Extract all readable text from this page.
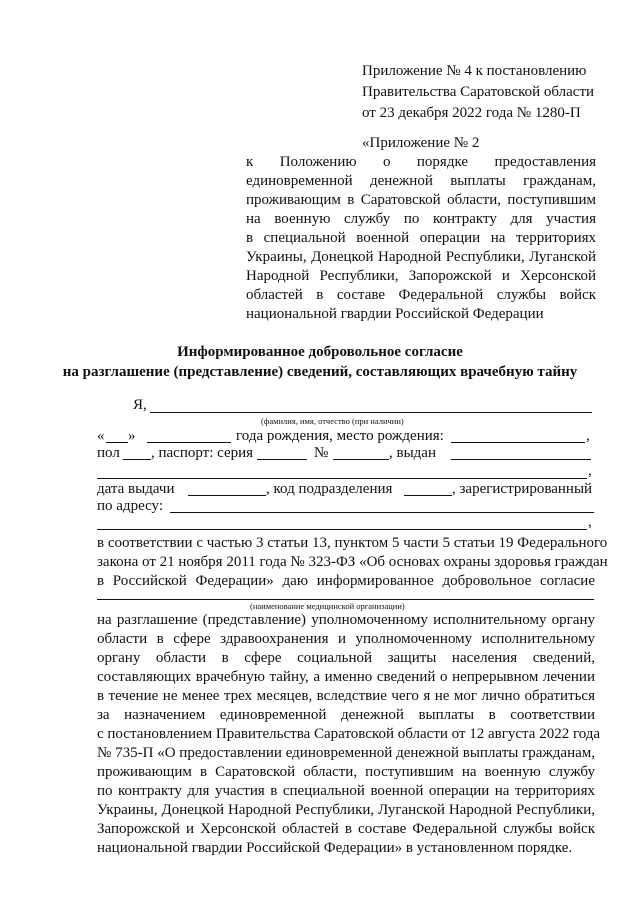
Приложение № 4 к постановлению
Правительства Саратовской области
от 23 декабря 2022 года № 1280-П
«Приложение № 2
к      Положению      о      порядке      предоставления
единовременной денежной выплаты гражданам,
проживающим в Саратовской области, поступившим
на военную службу по контракту для участия
в специальной военной операции на территориях
Украины, Донецкой Народной Республики, Луганской
Народной Республики, Запорожской и Херсонской
областей в составе Федеральной службы войск
национальной гвардии Российской Федерации
Информированное добровольное согласие
на разглашение (представление) сведений, составляющих врачебную тайну
Я,
(фамилия, имя, отчество (при наличии)
« »	года рождения, место рождения:	,
пол , паспорт: серия	№	, выдан
,
дата выдачи	, код подразделения	, зарегистрированный
по адресу:
,
в соответствии с частью 3 статьи 13, пунктом 5 части 5 статьи 19 Федерального
закона от 21 ноября 2011 года № 323-ФЗ «Об основах охраны здоровья граждан
в Российской Федерации» даю информированное добровольное согласие
(наименование медицинской организации)
на разглашение (представление) уполномоченному исполнительному органу
области в сфере здравоохранения и уполномоченному исполнительному
органу области в сфере социальной защиты населения сведений,
составляющих врачебную тайну, а именно сведений о непрерывном лечении
в течение не менее трех месяцев, вследствие чего я не мог лично обратиться
за назначением единовременной денежной выплаты в соответствии
с постановлением Правительства Саратовской области от 12 августа 2022 года
№ 735-П «О предоставлении единовременной денежной выплаты гражданам,
проживающим в Саратовской области, поступившим на военную службу
по контракту для участия в специальной военной операции на территориях
Украины, Донецкой Народной Республики, Луганской Народной Республики,
Запорожской и Херсонской областей в составе Федеральной службы войск
национальной гвардии Российской Федерации» в установленном порядке.
